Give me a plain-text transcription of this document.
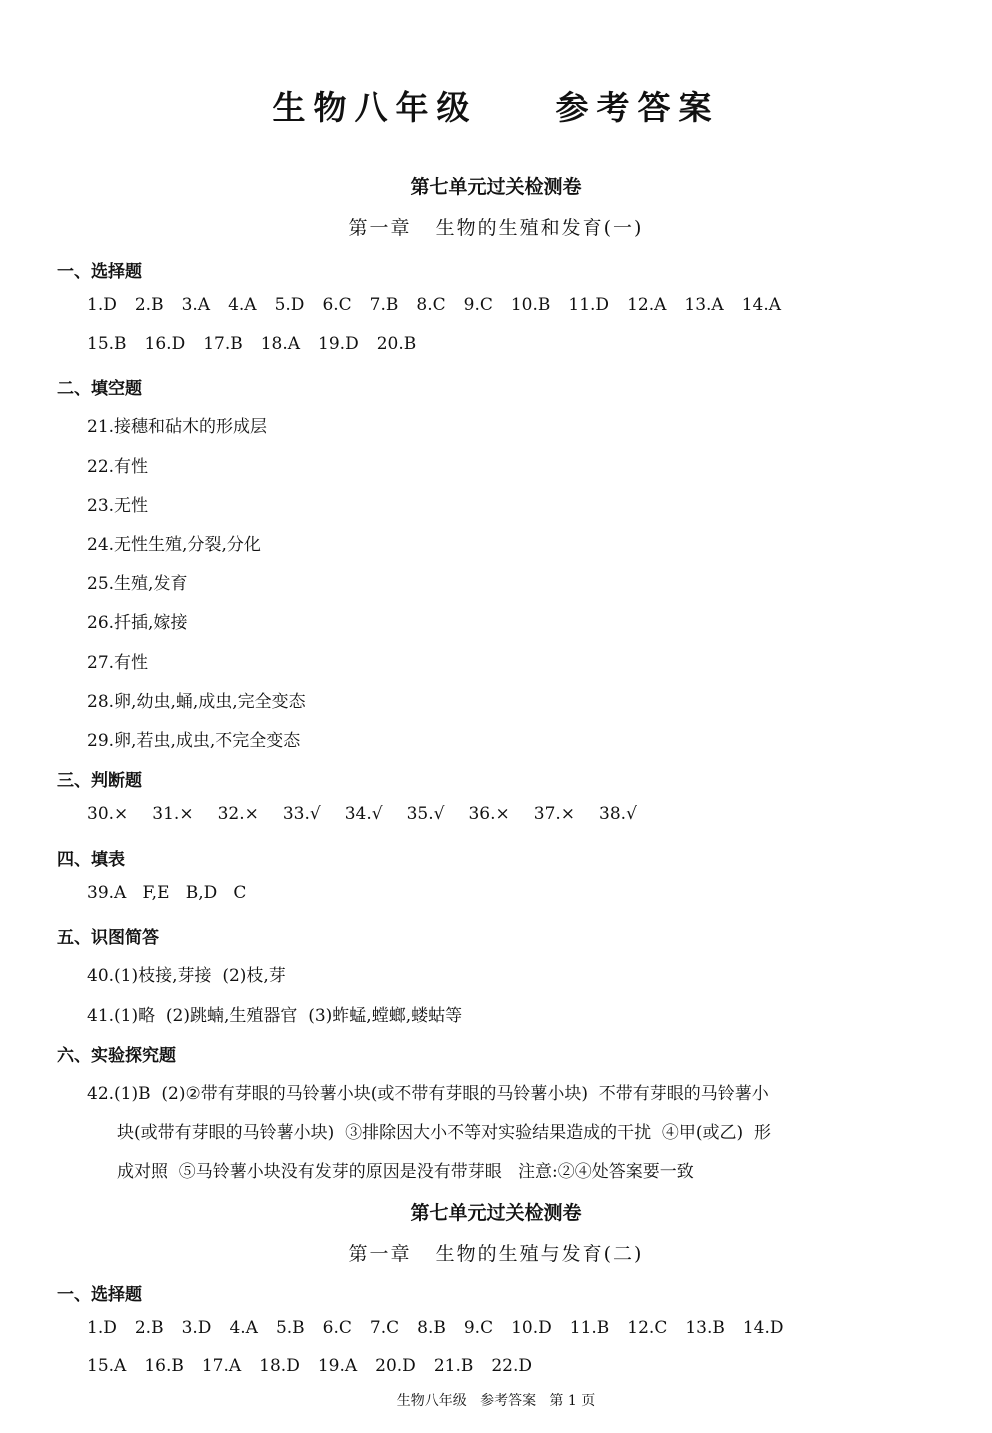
生物八年级    参考答案
第七单元过关检测卷
第一章   生物的生殖和发育(一)
一、选择题
1.D 2.B 3.A 4.A 5.D 6.C 7.B 8.C 9.C 10.B 11.D 12.A 13.A 14.A
15.B 16.D 17.B 18.A 19.D 20.B
二、填空题
21.接穗和砧木的形成层
22.有性
23.无性
24.无性生殖,分裂,分化
25.生殖,发育
26.扦插,嫁接
27.有性
28.卵,幼虫,蛹,成虫,完全变态
29.卵,若虫,成虫,不完全变态
三、判断题
30.× 31.× 32.× 33.√ 34.√ 35.√ 36.× 37.× 38.√
四、填表
39.A   F,E   B,D   C
五、识图简答
40.(1)枝接,芽接  (2)枝,芽
41.(1)略  (2)跳蝻,生殖器官  (3)蚱蜢,螳螂,蝼蛄等
六、实验探究题
42.(1)B  (2)②带有芽眼的马铃薯小块(或不带有芽眼的马铃薯小块)  不带有芽眼的马铃薯小
块(或带有芽眼的马铃薯小块)  ③排除因大小不等对实验结果造成的干扰  ④甲(或乙)  形
成对照  ⑤马铃薯小块没有发芽的原因是没有带芽眼   注意:②④处答案要一致
第七单元过关检测卷
第一章   生物的生殖与发育(二)
一、选择题
1.D 2.B 3.D 4.A 5.B 6.C 7.C 8.B 9.C 10.D 11.B 12.C 13.B 14.D
15.A 16.B 17.A 18.D 19.A 20.D 21.B 22.D
生物八年级   参考答案   第 1 页
